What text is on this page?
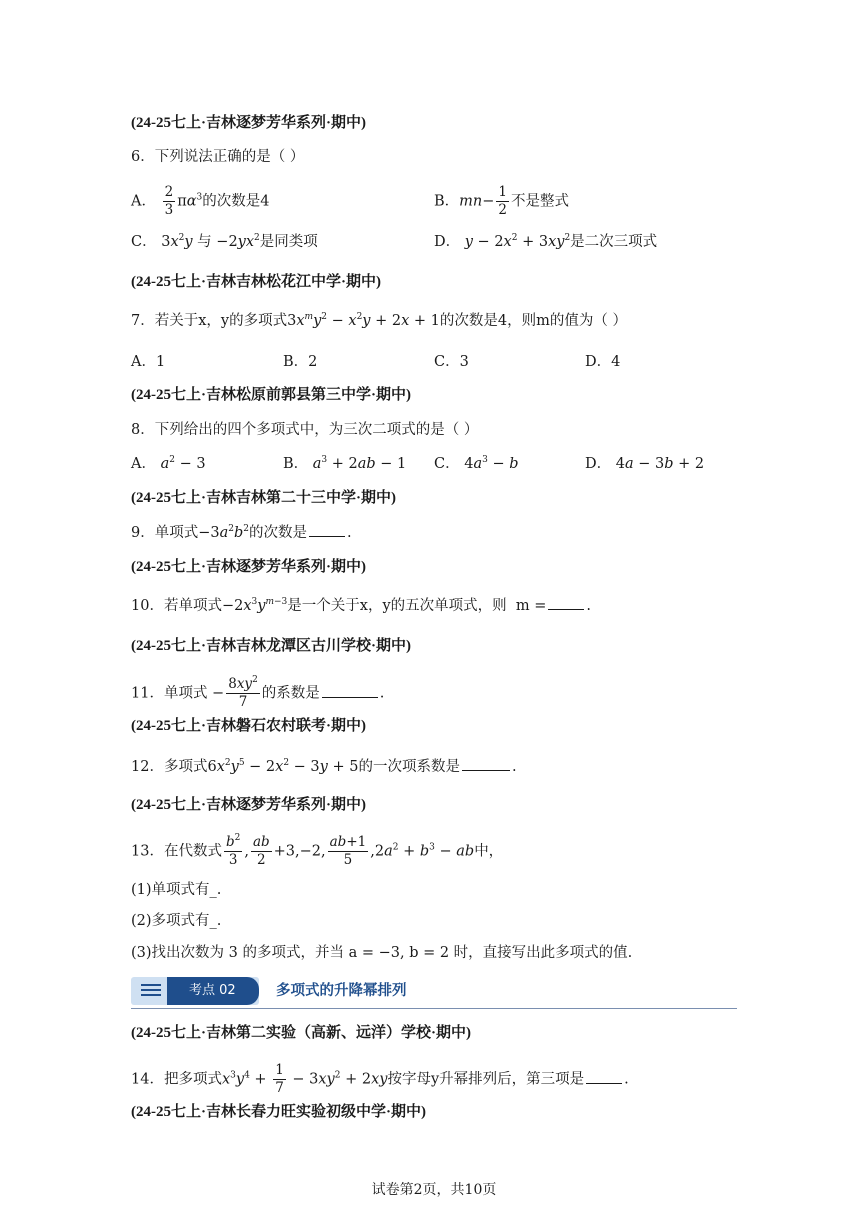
(24-25七上·吉林逐梦芳华系列·期中)
6．下列说法正确的是（ ）
A． $\frac{2}{3} \pi\alpha^3$的次数是4	B．$mn- \frac{1}{2}$ 不是整式
C． $3x^2y$ 与 $-2yx^2$是同类项	D． $y - 2x^2 + 3xy^2$是二次三项式
(24-25七上·吉林吉林松花江中学·期中)
7．若关于x，y的多项式$3x^my^2 - x^2y + 2x + 1$的次数是4，则m的值为（ ）
A．1	B．2	C．3	D．4
(24-25七上·吉林松原前郭县第三中学·期中)
8．下列给出的四个多项式中，为三次二项式的是（ ）
A． $a^2 - 3$	B． $a^3 + 2ab - 1$ C． $4a^3 - b$	D． 4a − 3b + 2
(24-25七上·吉林吉林第二十三中学·期中)
9．单项式$-3a^2b^2$的次数是	.
(24-25七上·吉林逐梦芳华系列·期中)
10．若单项式$-2x^3y^{m-3}$是一个关于x，y的五次单项式，则 m =	.
(24-25七上·吉林吉林龙潭区古川学校·期中)
11．单项式 − $\frac{8xy^2}{7}$ 的系数是	.
(24-25七上·吉林磐石农村联考·期中)
12．多项式$6x^2y^5 - 2x^2 - 3y + 5$的一次项系数是	.
(24-25七上·吉林逐梦芳华系列·期中)
13．在代数式 $\frac{b^2}{3}$ , $\frac{ab}{2} +3,-2$, $\frac{ab+1}{5} ,2a^2 + b^3$ − ab中，
(1)单项式有_.
(2)多项式有_.
(3)找出次数为 3 的多项式，并当 a = −3, b = 2 时，直接写出此多项式的值.
考点 02	多项式的升降幂排列
(24-25七上·吉林第二实验（高新、远洋）学校·期中)
14．把多项式$x^3y^4 + \frac{1}{7} - 3xy^2 + 2xy$按字母y升幂排列后，第三项是	.
(24-25七上·吉林长春力旺实验初级中学·期中)
试卷第2页，共10页
